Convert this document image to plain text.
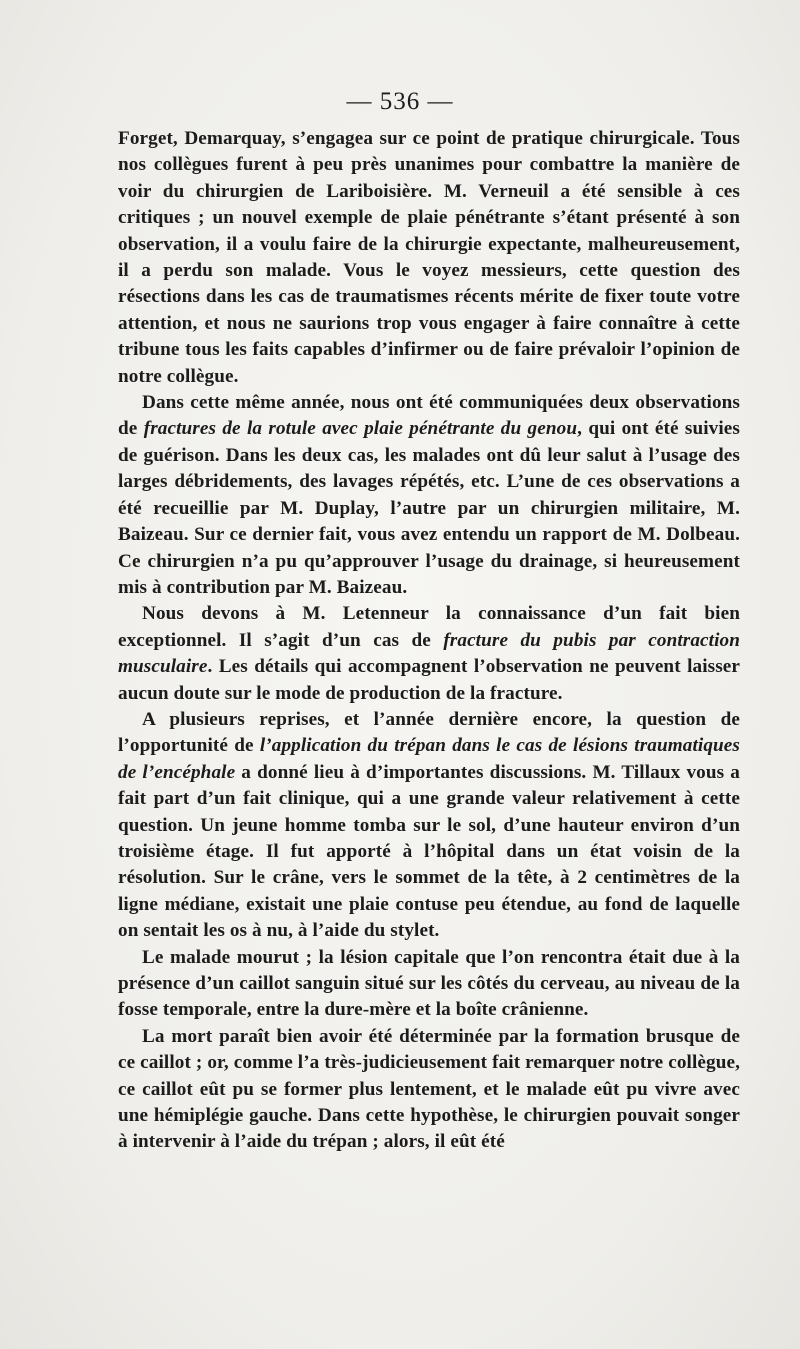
— 536 —

Forget, Demarquay, s’engagea sur ce point de pratique chirurgicale. Tous nos collègues furent à peu près unanimes pour combattre la manière de voir du chirurgien de Lariboisière. M. Verneuil a été sensible à ces critiques ; un nouvel exemple de plaie pénétrante s’étant présenté à son observation, il a voulu faire de la chirurgie expectante, malheureusement, il a perdu son malade. Vous le voyez messieurs, cette question des résections dans les cas de traumatismes récents mérite de fixer toute votre attention, et nous ne saurions trop vous engager à faire connaître à cette tribune tous les faits capables d’infirmer ou de faire prévaloir l’opinion de notre collègue.

Dans cette même année, nous ont été communiquées deux observations de fractures de la rotule avec plaie pénétrante du genou, qui ont été suivies de guérison. Dans les deux cas, les malades ont dû leur salut à l’usage des larges débridements, des lavages répétés, etc. L’une de ces observations a été recueillie par M. Duplay, l’autre par un chirurgien militaire, M. Baizeau. Sur ce dernier fait, vous avez entendu un rapport de M. Dolbeau. Ce chirurgien n’a pu qu’approuver l’usage du drainage, si heureusement mis à contribution par M. Baizeau.

Nous devons à M. Letenneur la connaissance d’un fait bien exceptionnel. Il s’agit d’un cas de fracture du pubis par contraction musculaire. Les détails qui accompagnent l’observation ne peuvent laisser aucun doute sur le mode de production de la fracture.

A plusieurs reprises, et l’année dernière encore, la question de l’opportunité de l’application du trépan dans le cas de lésions traumatiques de l’encéphale a donné lieu à d’importantes discussions. M. Tillaux vous a fait part d’un fait clinique, qui a une grande valeur relativement à cette question. Un jeune homme tomba sur le sol, d’une hauteur environ d’un troisième étage. Il fut apporté à l’hôpital dans un état voisin de la résolution. Sur le crâne, vers le sommet de la tête, à 2 centimètres de la ligne médiane, existait une plaie contuse peu étendue, au fond de laquelle on sentait les os à nu, à l’aide du stylet.

Le malade mourut ; la lésion capitale que l’on rencontra était due à la présence d’un caillot sanguin situé sur les côtés du cerveau, au niveau de la fosse temporale, entre la dure-mère et la boîte crânienne.

La mort paraît bien avoir été déterminée par la formation brusque de ce caillot ; or, comme l’a très-judicieusement fait remarquer notre collègue, ce caillot eût pu se former plus lentement, et le malade eût pu vivre avec une hémiplégie gauche. Dans cette hypothèse, le chirurgien pouvait songer à intervenir à l’aide du trépan ; alors, il eût été
